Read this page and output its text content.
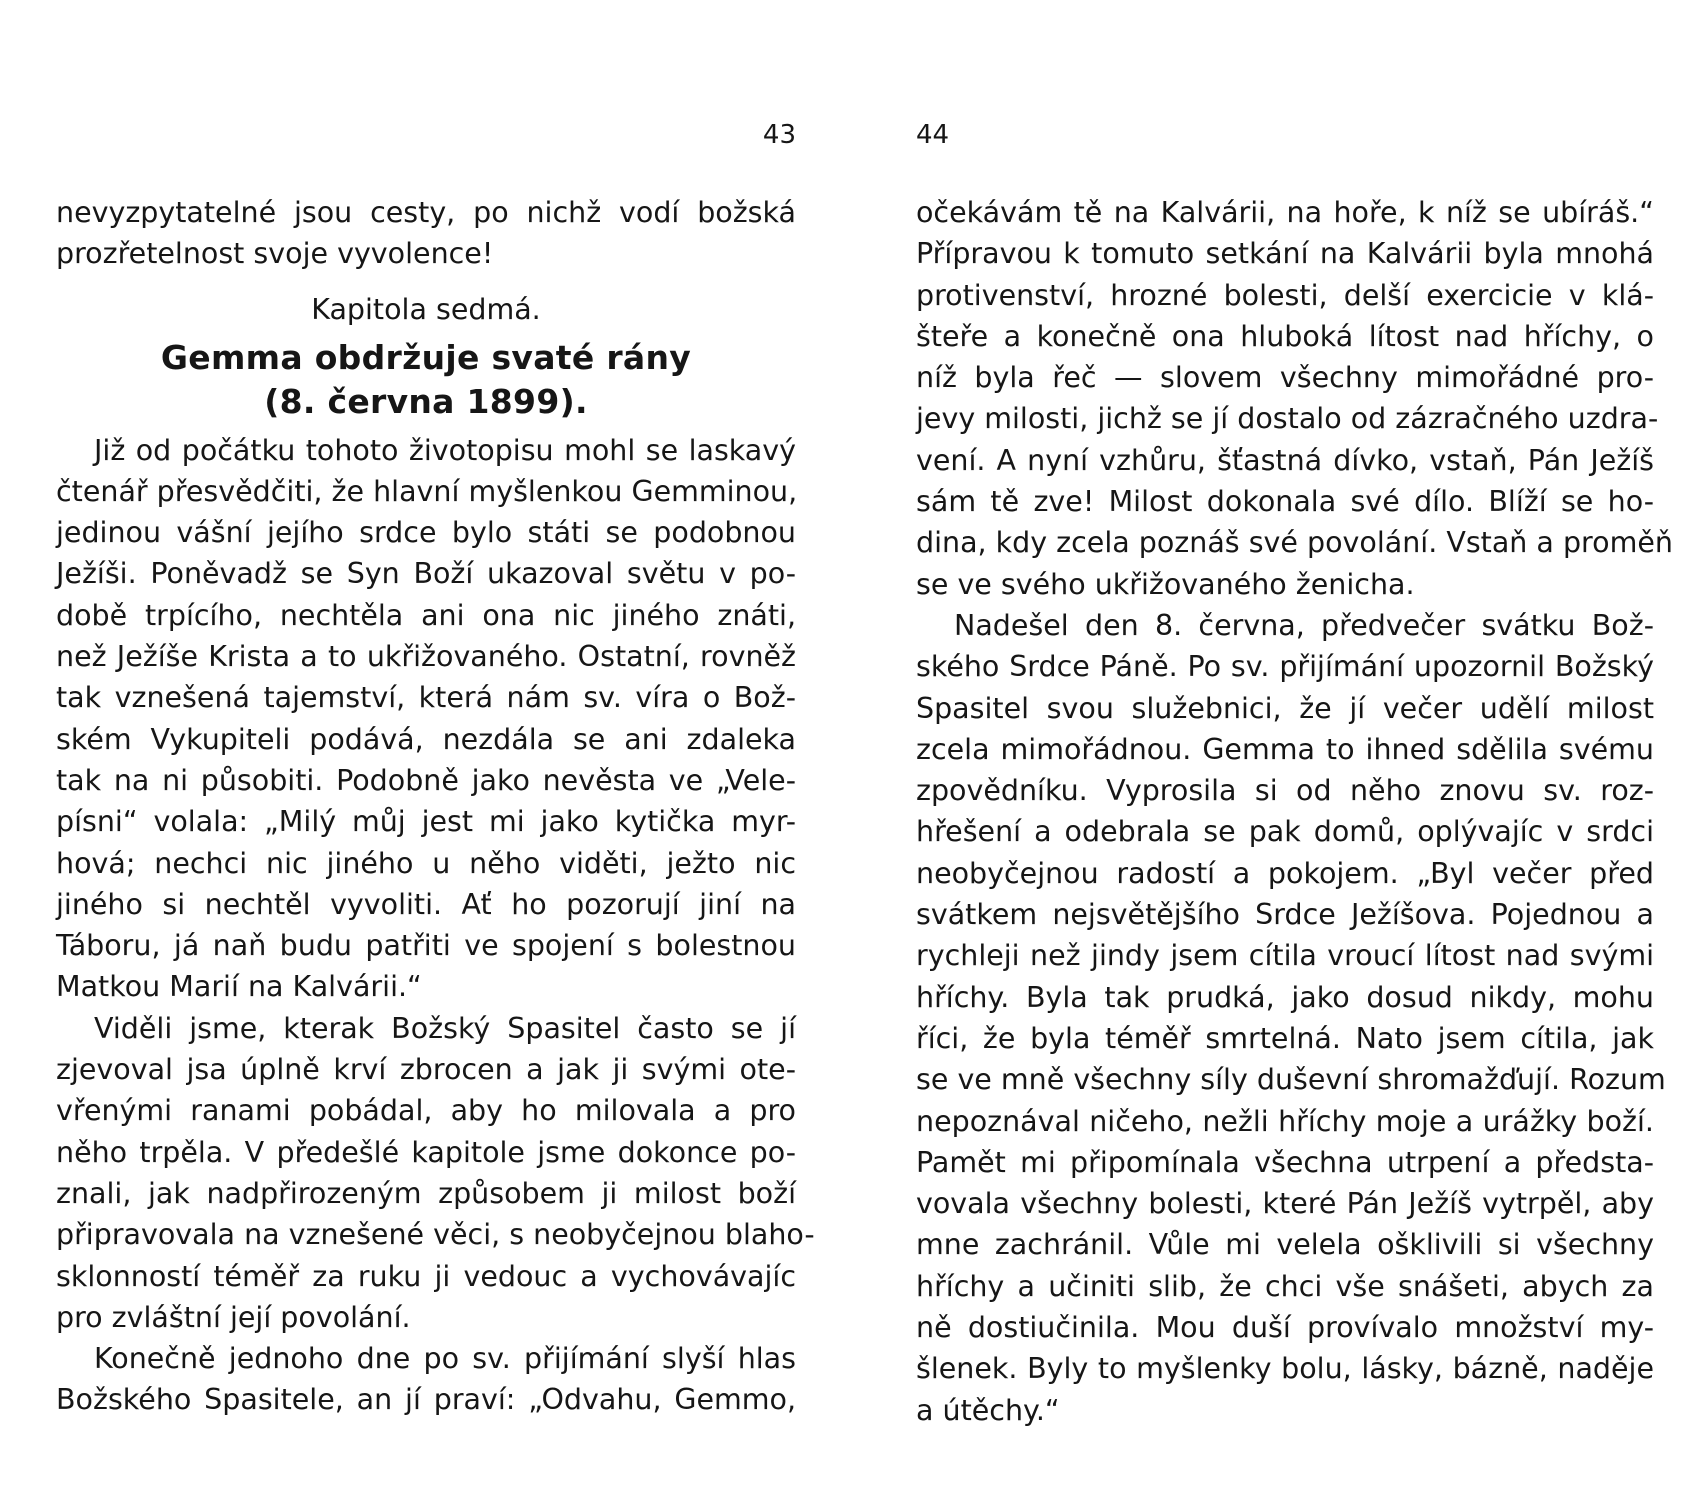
43
nevyzpytatelné jsou cesty, po nichž vodí božská
prozřetelnost svoje vyvolence!
Kapitola sedmá.
Gemma obdržuje svaté rány
(8. června 1899).
Již od počátku tohoto životopisu mohl se laskavý
čtenář přesvědčiti, že hlavní myšlenkou Gemminou,
jedinou vášní jejího srdce bylo státi se podobnou
Ježíši. Poněvadž se Syn Boží ukazoval světu v po-
době trpícího, nechtěla ani ona nic jiného znáti,
než Ježíše Krista a to ukřižovaného. Ostatní, rovněž
tak vznešená tajemství, která nám sv. víra o Bož-
ském Vykupiteli podává, nezdála se ani zdaleka
tak na ni působiti. Podobně jako nevěsta ve „Vele-
písni“ volala: „Milý můj jest mi jako kytička myr-
hová; nechci nic jiného u něho viděti, ježto nic
jiného si nechtěl vyvoliti. Ať ho pozorují jiní na
Táboru, já naň budu patřiti ve spojení s bolestnou
Matkou Marií na Kalvárii.“
Viděli jsme, kterak Božský Spasitel často se jí
zjevoval jsa úplně krví zbrocen a jak ji svými ote-
vřenými ranami pobádal, aby ho milovala a pro
něho trpěla. V předešlé kapitole jsme dokonce po-
znali, jak nadpřirozeným způsobem ji milost boží
připravovala na vznešené věci, s neobyčejnou blaho-
sklonností téměř za ruku ji vedouc a vychovávajíc
pro zvláštní její povolání.
Konečně jednoho dne po sv. přijímání slyší hlas
Božského Spasitele, an jí praví: „Odvahu, Gemmo,
44
očekávám tě na Kalvárii, na hoře, k níž se ubíráš.“
Přípravou k tomuto setkání na Kalvárii byla mnohá
protivenství, hrozné bolesti, delší exercicie v klá-
šteře a konečně ona hluboká lítost nad hříchy, o
níž byla řeč — slovem všechny mimořádné pro-
jevy milosti, jichž se jí dostalo od zázračného uzdra-
vení. A nyní vzhůru, šťastná dívko, vstaň, Pán Ježíš
sám tě zve! Milost dokonala své dílo. Blíží se ho-
dina, kdy zcela poznáš své povolání. Vstaň a proměň
se ve svého ukřižovaného ženicha.
Nadešel den 8. června, předvečer svátku Bož-
ského Srdce Páně. Po sv. přijímání upozornil Božský
Spasitel svou služebnici, že jí večer udělí milost
zcela mimořádnou. Gemma to ihned sdělila svému
zpovědníku. Vyprosila si od něho znovu sv. roz-
hřešení a odebrala se pak domů, oplývajíc v srdci
neobyčejnou radostí a pokojem. „Byl večer před
svátkem nejsvětějšího Srdce Ježíšova. Pojednou a
rychleji než jindy jsem cítila vroucí lítost nad svými
hříchy. Byla tak prudká, jako dosud nikdy, mohu
říci, že byla téměř smrtelná. Nato jsem cítila, jak
se ve mně všechny síly duševní shromažďují. Rozum
nepoznával ničeho, nežli hříchy moje a urážky boží.
Pamět mi připomínala všechna utrpení a předsta-
vovala všechny bolesti, které Pán Ježíš vytrpěl, aby
mne zachránil. Vůle mi velela ošklivili si všechny
hříchy a učiniti slib, že chci vše snášeti, abych za
ně dostiučinila. Mou duší provívalo množství my-
šlenek. Byly to myšlenky bolu, lásky, bázně, naděje
a útěchy.“
